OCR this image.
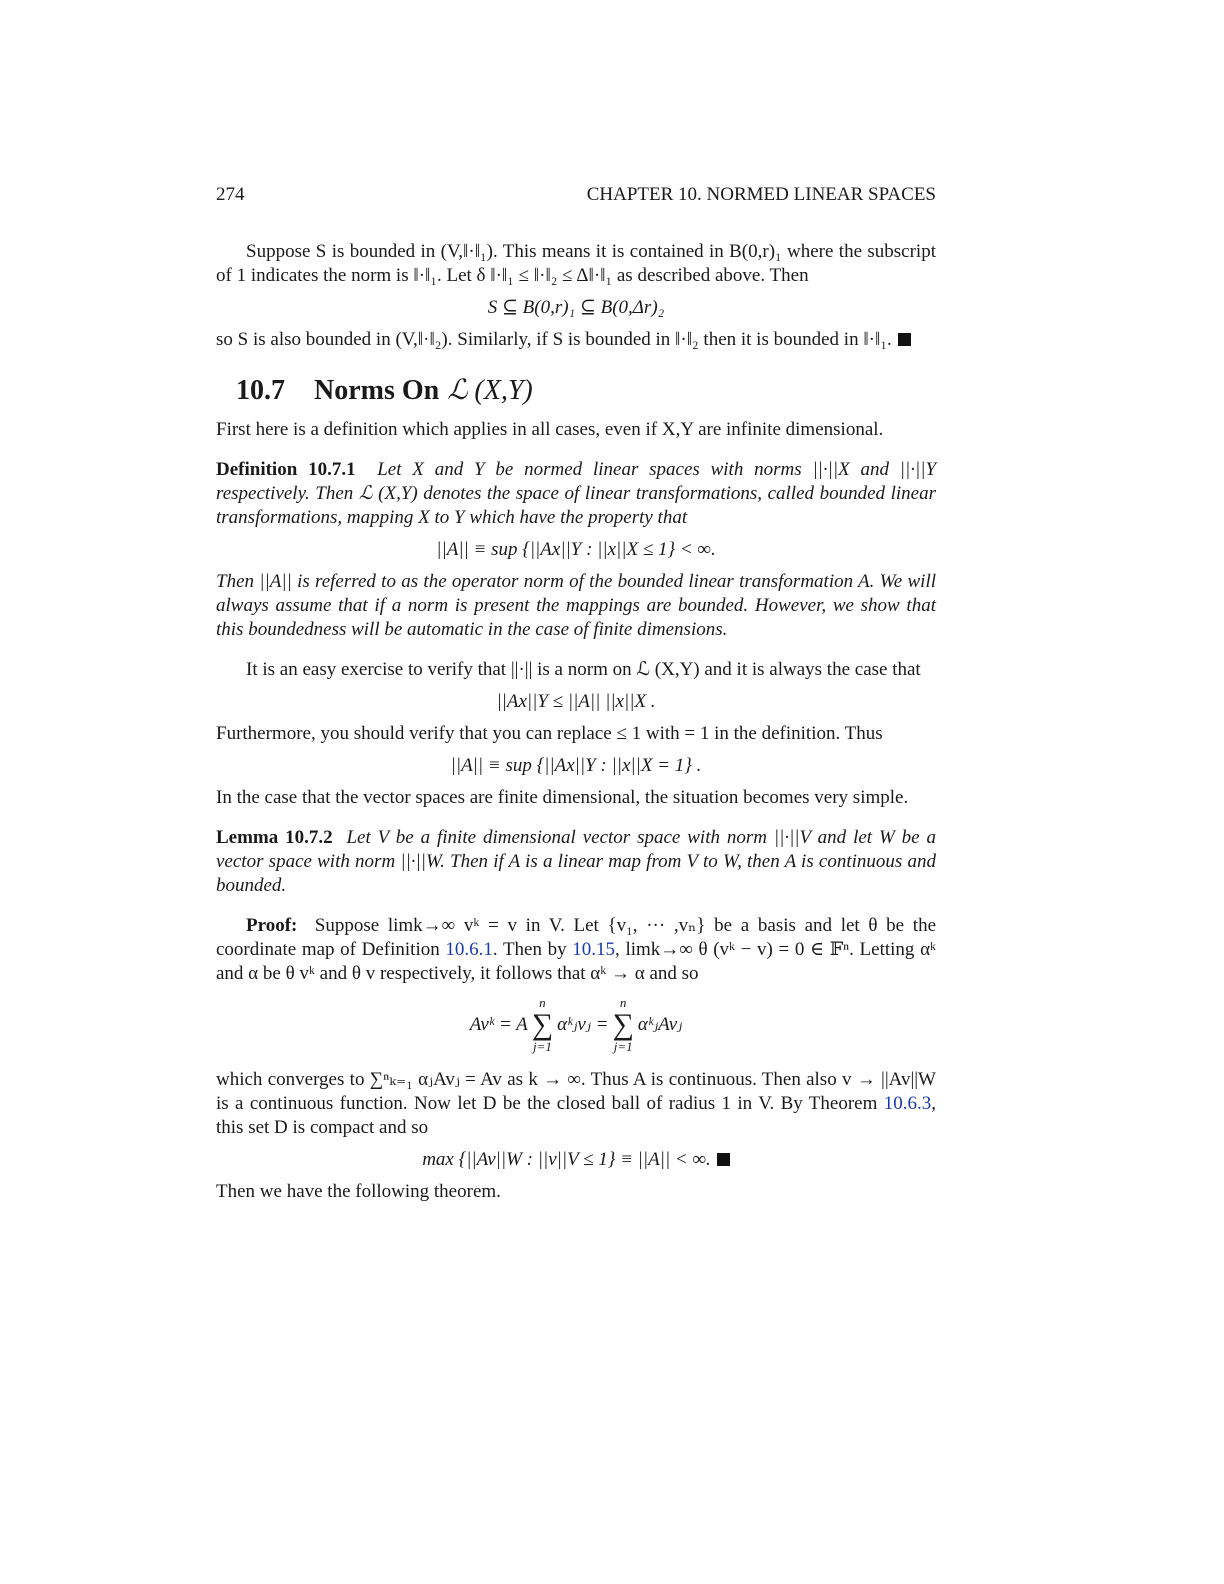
274	CHAPTER 10. NORMED LINEAR SPACES

Suppose S is bounded in (V,‖·‖₁). This means it is contained in B(0,r)₁ where the subscript of 1 indicates the norm is ‖·‖₁. Let δ ‖·‖₁ ≤ ‖·‖₂ ≤ Δ‖·‖₁ as described above. Then

S ⊆ B(0,r)₁ ⊆ B(0,Δr)₂

so S is also bounded in (V,‖·‖₂). Similarly, if S is bounded in ‖·‖₂ then it is bounded in ‖·‖₁.

10.7	Norms On ℒ (X,Y)

First here is a definition which applies in all cases, even if X,Y are infinite dimensional.

Definition 10.7.1 Let X and Y be normed linear spaces with norms ||·||X and ||·||Y respectively. Then ℒ (X,Y) denotes the space of linear transformations, called bounded linear transformations, mapping X to Y which have the property that

||A|| ≡ sup {||Ax||Y : ||x||X ≤ 1} < ∞.

Then ||A|| is referred to as the operator norm of the bounded linear transformation A. We will always assume that if a norm is present the mappings are bounded. However, we show that this boundedness will be automatic in the case of finite dimensions.

It is an easy exercise to verify that ||·|| is a norm on ℒ (X,Y) and it is always the case that

||Ax||Y ≤ ||A|| ||x||X .

Furthermore, you should verify that you can replace ≤ 1 with = 1 in the definition. Thus

||A|| ≡ sup {||Ax||Y : ||x||X = 1} .

In the case that the vector spaces are finite dimensional, the situation becomes very simple.

Lemma 10.7.2 Let V be a finite dimensional vector space with norm ||·||V and let W be a vector space with norm ||·||W. Then if A is a linear map from V to W, then A is continuous and bounded.

Proof: Suppose limk→∞ vᵏ = v in V. Let {v₁, ··· ,vₙ} be a basis and let θ be the coordinate map of Definition 10.6.1. Then by 10.15, limk→∞ θ (vᵏ − v) = 0 ∈ 𝔽ⁿ. Letting αᵏ and α be θ vᵏ and θ v respectively, it follows that αᵏ → α and so

Avᵏ = A
n
∑
j=1
αᵏⱼvⱼ =
n
∑
j=1
αᵏⱼAvⱼ

which converges to ∑ⁿₖ₌₁ αⱼAvⱼ = Av as k → ∞. Thus A is continuous. Then also v → ||Av||W is a continuous function. Now let D be the closed ball of radius 1 in V. By Theorem 10.6.3, this set D is compact and so

max {||Av||W : ||v||V ≤ 1} ≡ ||A|| < ∞.

Then we have the following theorem.
